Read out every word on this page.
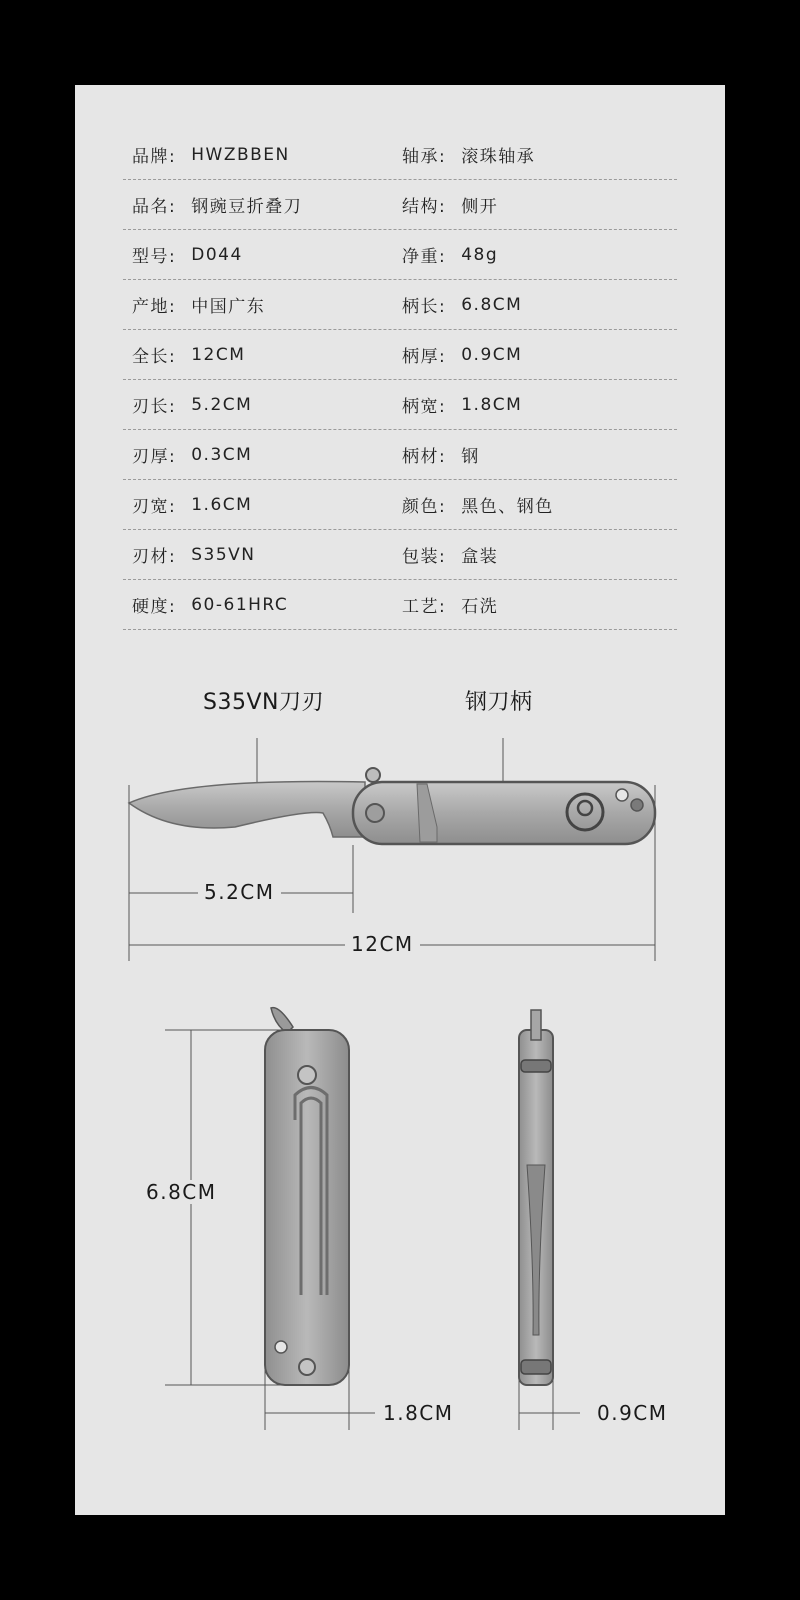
品牌: HWZBBEN	轴承: 滚珠轴承
品名: 钢豌豆折叠刀	结构: 侧开
型号: D044	净重: 48g
产地: 中国广东	柄长: 6.8CM
全长: 12CM	柄厚: 0.9CM
刃长: 5.2CM	柄宽: 1.8CM
刃厚: 0.3CM	柄材: 钢
刃宽: 1.6CM	颜色: 黑色、钢色
刃材: S35VN	包装: 盒装
硬度: 60-61HRC	工艺: 石洗
S35VN刀刃	钢刀柄
5.2CM
12CM
6.8CM
1.8CM	0.9CM
